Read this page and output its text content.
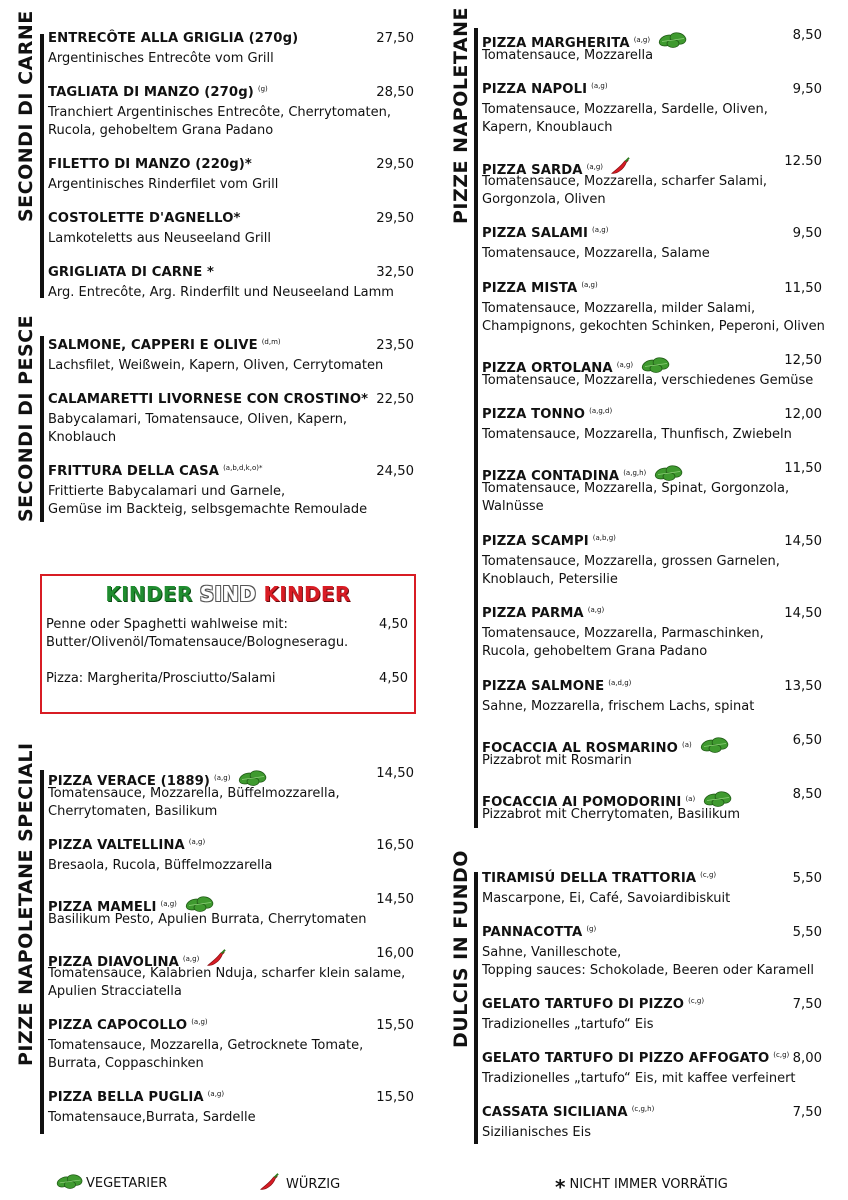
SECONDI DI CARNE
SECONDI DI PESCE
PIZZE NAPOLETANE SPECIALI
PIZZE NAPOLETANE
DULCIS IN FUNDO
ENTRECÔTE ALLA GRIGLIA (270g)	27,50
Argentinisches Entrecôte vom Grill
TAGLIATA DI MANZO (270g) (g)	28,50
Tranchiert Argentinisches Entrecôte, Cherrytomaten,
Rucola, gehobeltem Grana Padano
FILETTO DI MANZO (220g)*	29,50
Argentinisches Rinderfilet vom Grill
COSTOLETTE D'AGNELLO*	29,50
Lamkoteletts aus Neuseeland Grill
GRIGLIATA DI CARNE *	32,50
Arg. Entrecôte, Arg. Rinderfilt und Neuseeland Lamm
SALMONE, CAPPERI E OLIVE (d,m)	23,50
Lachsfilet, Weißwein, Kapern, Oliven, Cerrytomaten
CALAMARETTI LIVORNESE CON CROSTINO* 22,50
Babycalamari, Tomatensauce, Oliven, Kapern,
Knoblauch
FRITTURA DELLA CASA (a,b,d,k,o)*	24,50
Frittierte Babycalamari und Garnele,
Gemüse im Backteig, selbsgemachte Remoulade
PIZZA VERACE (1889) (a,g)	14,50
Tomatensauce, Mozzarella, Büffelmozzarella,
Cherrytomaten, Basilikum
PIZZA VALTELLINA (a,g)	16,50
Bresaola, Rucola, Büffelmozzarella
PIZZA MAMELI (a,g)	14,50
Basilikum Pesto, Apulien Burrata, Cherrytomaten
PIZZA DIAVOLINA (a,g)	16,00
Tomatensauce, Kalabrien Nduja, scharfer klein salame,
Apulien Stracciatella
PIZZA CAPOCOLLO (a,g)	15,50
Tomatensauce, Mozzarella, Getrocknete Tomate,
Burrata, Coppaschinken
PIZZA BELLA PUGLIA (a,g)	15,50
Tomatensauce,Burrata, Sardelle
PIZZA MARGHERITA (a,g)	8,50
Tomatensauce, Mozzarella
PIZZA NAPOLI (a,g)	9,50
Tomatensauce, Mozzarella, Sardelle, Oliven,
Kapern, Knoublauch
PIZZA SARDA (a,g)	12.50
Tomatensauce, Mozzarella, scharfer Salami,
Gorgonzola, Oliven
PIZZA SALAMI (a,g)	9,50
Tomatensauce, Mozzarella, Salame
PIZZA MISTA (a,g)	11,50
Tomatensauce, Mozzarella, milder Salami,
Champignons, gekochten Schinken, Peperoni, Oliven
PIZZA ORTOLANA (a,g)	12,50
Tomatensauce, Mozzarella, verschiedenes Gemüse
PIZZA TONNO (a,g,d)	12,00
Tomatensauce, Mozzarella, Thunfisch, Zwiebeln
PIZZA CONTADINA (a,g,h)	11,50
Tomatensauce, Mozzarella, Spinat, Gorgonzola,
Walnüsse
PIZZA SCAMPI (a,b,g)	14,50
Tomatensauce, Mozzarella, grossen Garnelen,
Knoblauch, Petersilie
PIZZA PARMA (a,g)	14,50
Tomatensauce, Mozzarella, Parmaschinken,
Rucola, gehobeltem Grana Padano
PIZZA SALMONE (a,d,g)	13,50
Sahne, Mozzarella, frischem Lachs, spinat
FOCACCIA AL ROSMARINO (a)	6,50
Pizzabrot mit Rosmarin
FOCACCIA AI POMODORINI (a)	8,50
Pizzabrot mit Cherrytomaten, Basilikum
TIRAMISÚ DELLA TRATTORIA (c,g)	5,50
Mascarpone, Ei, Café, Savoiardibiskuit
PANNACOTTA (g)	5,50
Sahne, Vanilleschote,
Topping sauces: Schokolade, Beeren oder Karamell
GELATO TARTUFO DI PIZZO (c,g)	7,50
Tradizionelles „tartufo“ Eis
GELATO TARTUFO DI PIZZO AFFOGATO (c,g) 8,00
Tradizionelles „tartufo“ Eis, mit kaffee verfeinert
CASSATA SICILIANA (c,g,h)	7,50
Sizilianisches Eis
KINDER SIND KINDER
Penne oder Spaghetti wahlweise mit:	4,50
Butter/Olivenöl/Tomatensauce/Bologneseragu.
Pizza: Margherita/Prosciutto/Salami	4,50
VEGETARIER	WÜRZIG	* NICHT IMMER VORRÄTIG
